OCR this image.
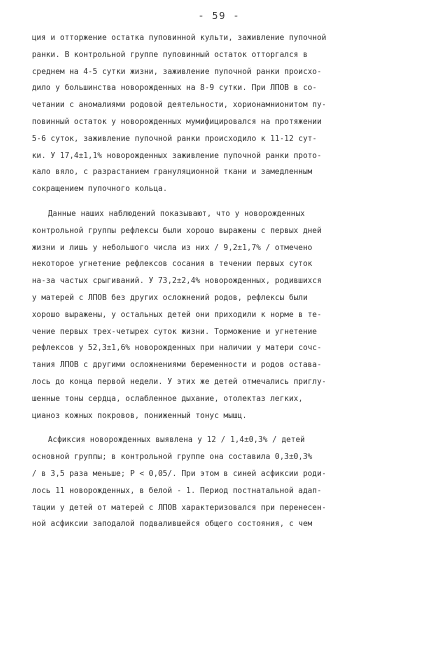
- 59 -
ция и отторжение остатка пуповинной культи, заживление пупочной
ранки. В контрольной группе пуповинный остаток отторгался в
среднем на 4-5 сутки жизни, заживление пупочной ранки происхо-
дило у большинства новорожденных на 8-9 сутки. При ЛПОВ в со-
четании с аномалиями родовой деятельности, хорионамнионитом пу-
повинный остаток у новорожденных мумифицировался на протяжении
5-6 суток, заживление пупочной ранки происходило к 11-12 сут-
ки. У 17,4±1,1% новорожденных заживление пупочной ранки прото-
кало вяло, с разрастанием грануляционной ткани и замедленным
сокращением пупочного кольца.
Данные наших наблюдений показывают, что у новорожденных
контрольной группы рефлексы были хорошо выражены с первых дней
жизни и лишь у небольшого числа из них / 9,2±1,7% / отмечено
некоторое угнетение рефлексов сосания в течении первых суток
на-за частых срыгиваний. У 73,2±2,4% новорожденных, родившихся
у матерей с ЛПОВ без других осложнений родов, рефлексы были
хорошо выражены, у остальных детей они приходили к норме в те-
чение первых трех-четырех суток жизни. Торможение и угнетение
рефлексов у 52,3±1,6% новорожденных при наличии у матери сочс-
тания ЛПОВ с другими осложнениями беременности и родов остава-
лось до конца первой недели. У этих же детей отмечались приглу-
шенные тоны сердца, ослабленное дыхание, отолектаз легких,
цианоз кожных покровов, пониженный тонус мышц.
Асфиксия новорожденных выявлена у 12 / 1,4±0,3% / детей
основной группы; в контрольной группе она составила 0,3±0,3%
/ в 3,5 раза меньше; P < 0,05/. При этом в синей асфиксии роди-
лось 11 новорожденных, в белой - 1. Период постнатальной адап-
тации у детей от матерей с ЛПОВ характеризовался при перенесен-
ной асфиксии заподалой подвалившейся общего состояния, с чем
